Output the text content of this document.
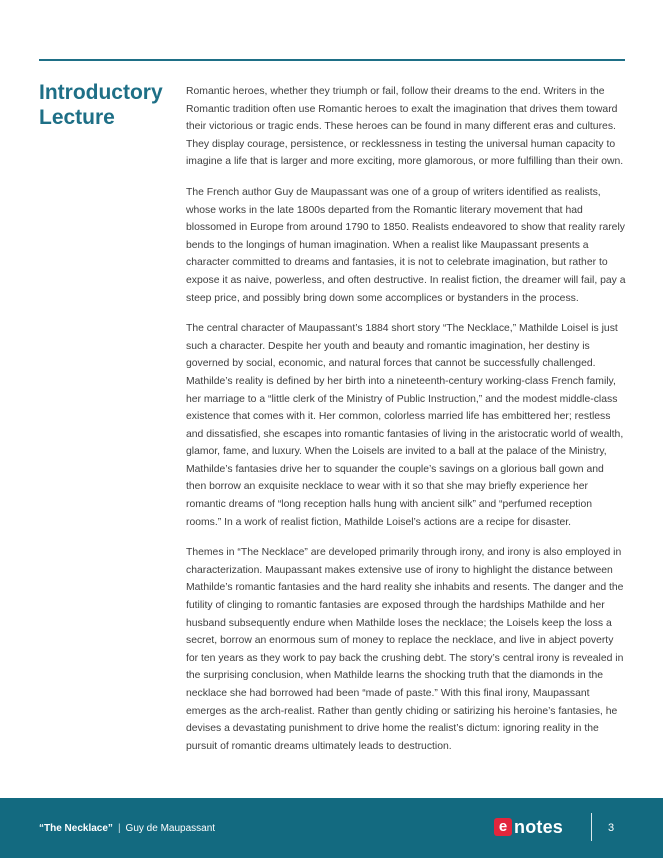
Introductory Lecture

Romantic heroes, whether they triumph or fail, follow their dreams to the end. Writers in the Romantic tradition often use Romantic heroes to exalt the imagination that drives them toward their victorious or tragic ends. These heroes can be found in many different eras and cultures. They display courage, persistence, or recklessness in testing the universal human capacity to imagine a life that is larger and more exciting, more glamorous, or more fulfilling than their own.

The French author Guy de Maupassant was one of a group of writers identified as realists, whose works in the late 1800s departed from the Romantic literary movement that had blossomed in Europe from around 1790 to 1850. Realists endeavored to show that reality rarely bends to the longings of human imagination. When a realist like Maupassant presents a character committed to dreams and fantasies, it is not to celebrate imagination, but rather to expose it as naive, powerless, and often destructive. In realist fiction, the dreamer will fail, pay a steep price, and possibly bring down some accomplices or bystanders in the process.

The central character of Maupassant’s 1884 short story “The Necklace,” Mathilde Loisel is just such a character. Despite her youth and beauty and romantic imagination, her destiny is governed by social, economic, and natural forces that cannot be successfully challenged. Mathilde’s reality is defined by her birth into a nineteenth-century working-class French family, her marriage to a “little clerk of the Ministry of Public Instruction,” and the modest middle-class existence that comes with it. Her common, colorless married life has embittered her; restless and dissatisfied, she escapes into romantic fantasies of living in the aristocratic world of wealth, glamor, fame, and luxury. When the Loisels are invited to a ball at the palace of the Ministry, Mathilde’s fantasies drive her to squander the couple’s savings on a glorious ball gown and then borrow an exquisite necklace to wear with it so that she may briefly experience her romantic dreams of “long reception halls hung with ancient silk” and “perfumed reception rooms.” In a work of realist fiction, Mathilde Loisel’s actions are a recipe for disaster.

Themes in “The Necklace” are developed primarily through irony, and irony is also employed in characterization. Maupassant makes extensive use of irony to highlight the distance between Mathilde’s romantic fantasies and the hard reality she inhabits and resents. The danger and the futility of clinging to romantic fantasies are exposed through the hardships Mathilde and her husband subsequently endure when Mathilde loses the necklace; the Loisels keep the loss a secret, borrow an enormous sum of money to replace the necklace, and live in abject poverty for ten years as they work to pay back the crushing debt. The story’s central irony is revealed in the surprising conclusion, when Mathilde learns the shocking truth that the diamonds in the necklace she had borrowed had been “made of paste.” With this final irony, Maupassant emerges as the arch-realist. Rather than gently chiding or satirizing his heroine’s fantasies, he devises a devastating punishment to drive home the realist’s dictum: ignoring reality in the pursuit of romantic dreams ultimately leads to destruction.

“The Necklace” | Guy de Maupassant	e notes	3
